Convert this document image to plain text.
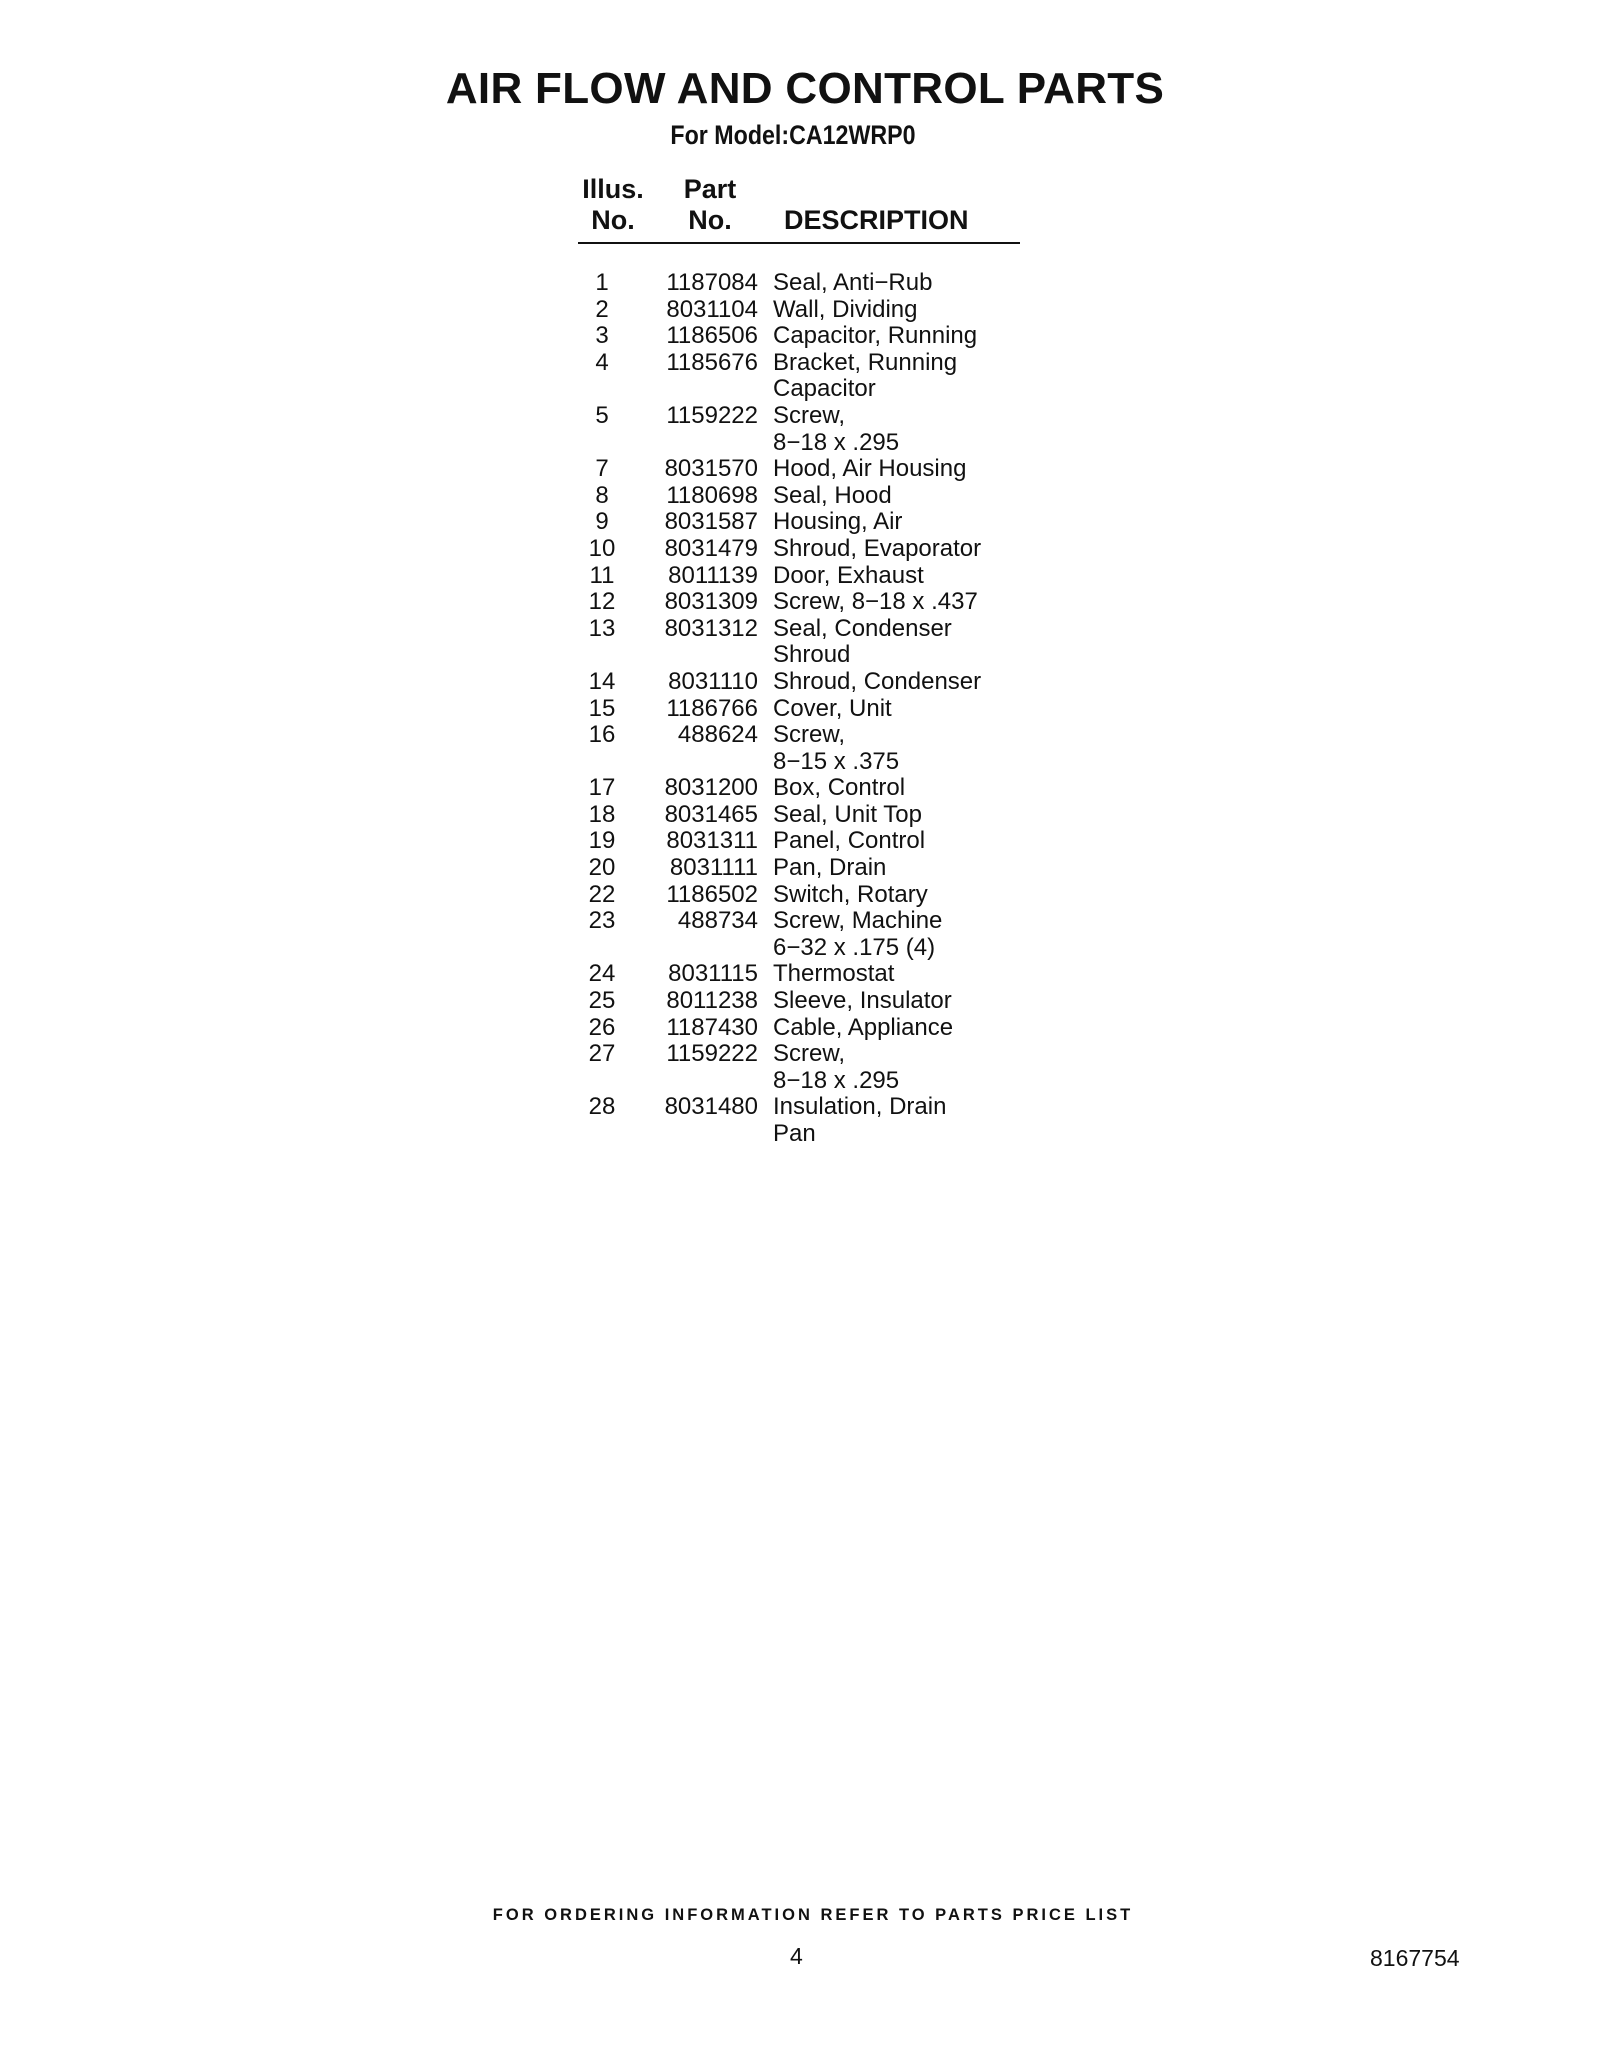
AIR FLOW AND CONTROL PARTS
For Model:CA12WRP0
Illus.
No.
Part
No.	DESCRIPTION
1	1187084 Seal, Anti−Rub
2	8031104 Wall, Dividing
3	1186506 Capacitor, Running
4	1185676 Bracket, Running
Capacitor
5	1159222 Screw,
8−18 x .295
7	8031570 Hood, Air Housing
8	1180698 Seal, Hood
9	8031587 Housing, Air
10	8031479 Shroud, Evaporator
11	8011139 Door, Exhaust
12	8031309 Screw, 8−18 x .437
13	8031312 Seal, Condenser
Shroud
14	8031110 Shroud, Condenser
15	1186766 Cover, Unit
16	488624 Screw,
8−15 x .375
17	8031200 Box, Control
18	8031465 Seal, Unit Top
19	8031311 Panel, Control
20	8031111 Pan, Drain
22	1186502 Switch, Rotary
23	488734 Screw, Machine
6−32 x .175 (4)
24	8031115 Thermostat
25	8011238 Sleeve, Insulator
26	1187430 Cable, Appliance
27	1159222 Screw,
8−18 x .295
28	8031480 Insulation, Drain
Pan
FOR ORDERING INFORMATION REFER TO PARTS PRICE LIST
4	8167754
